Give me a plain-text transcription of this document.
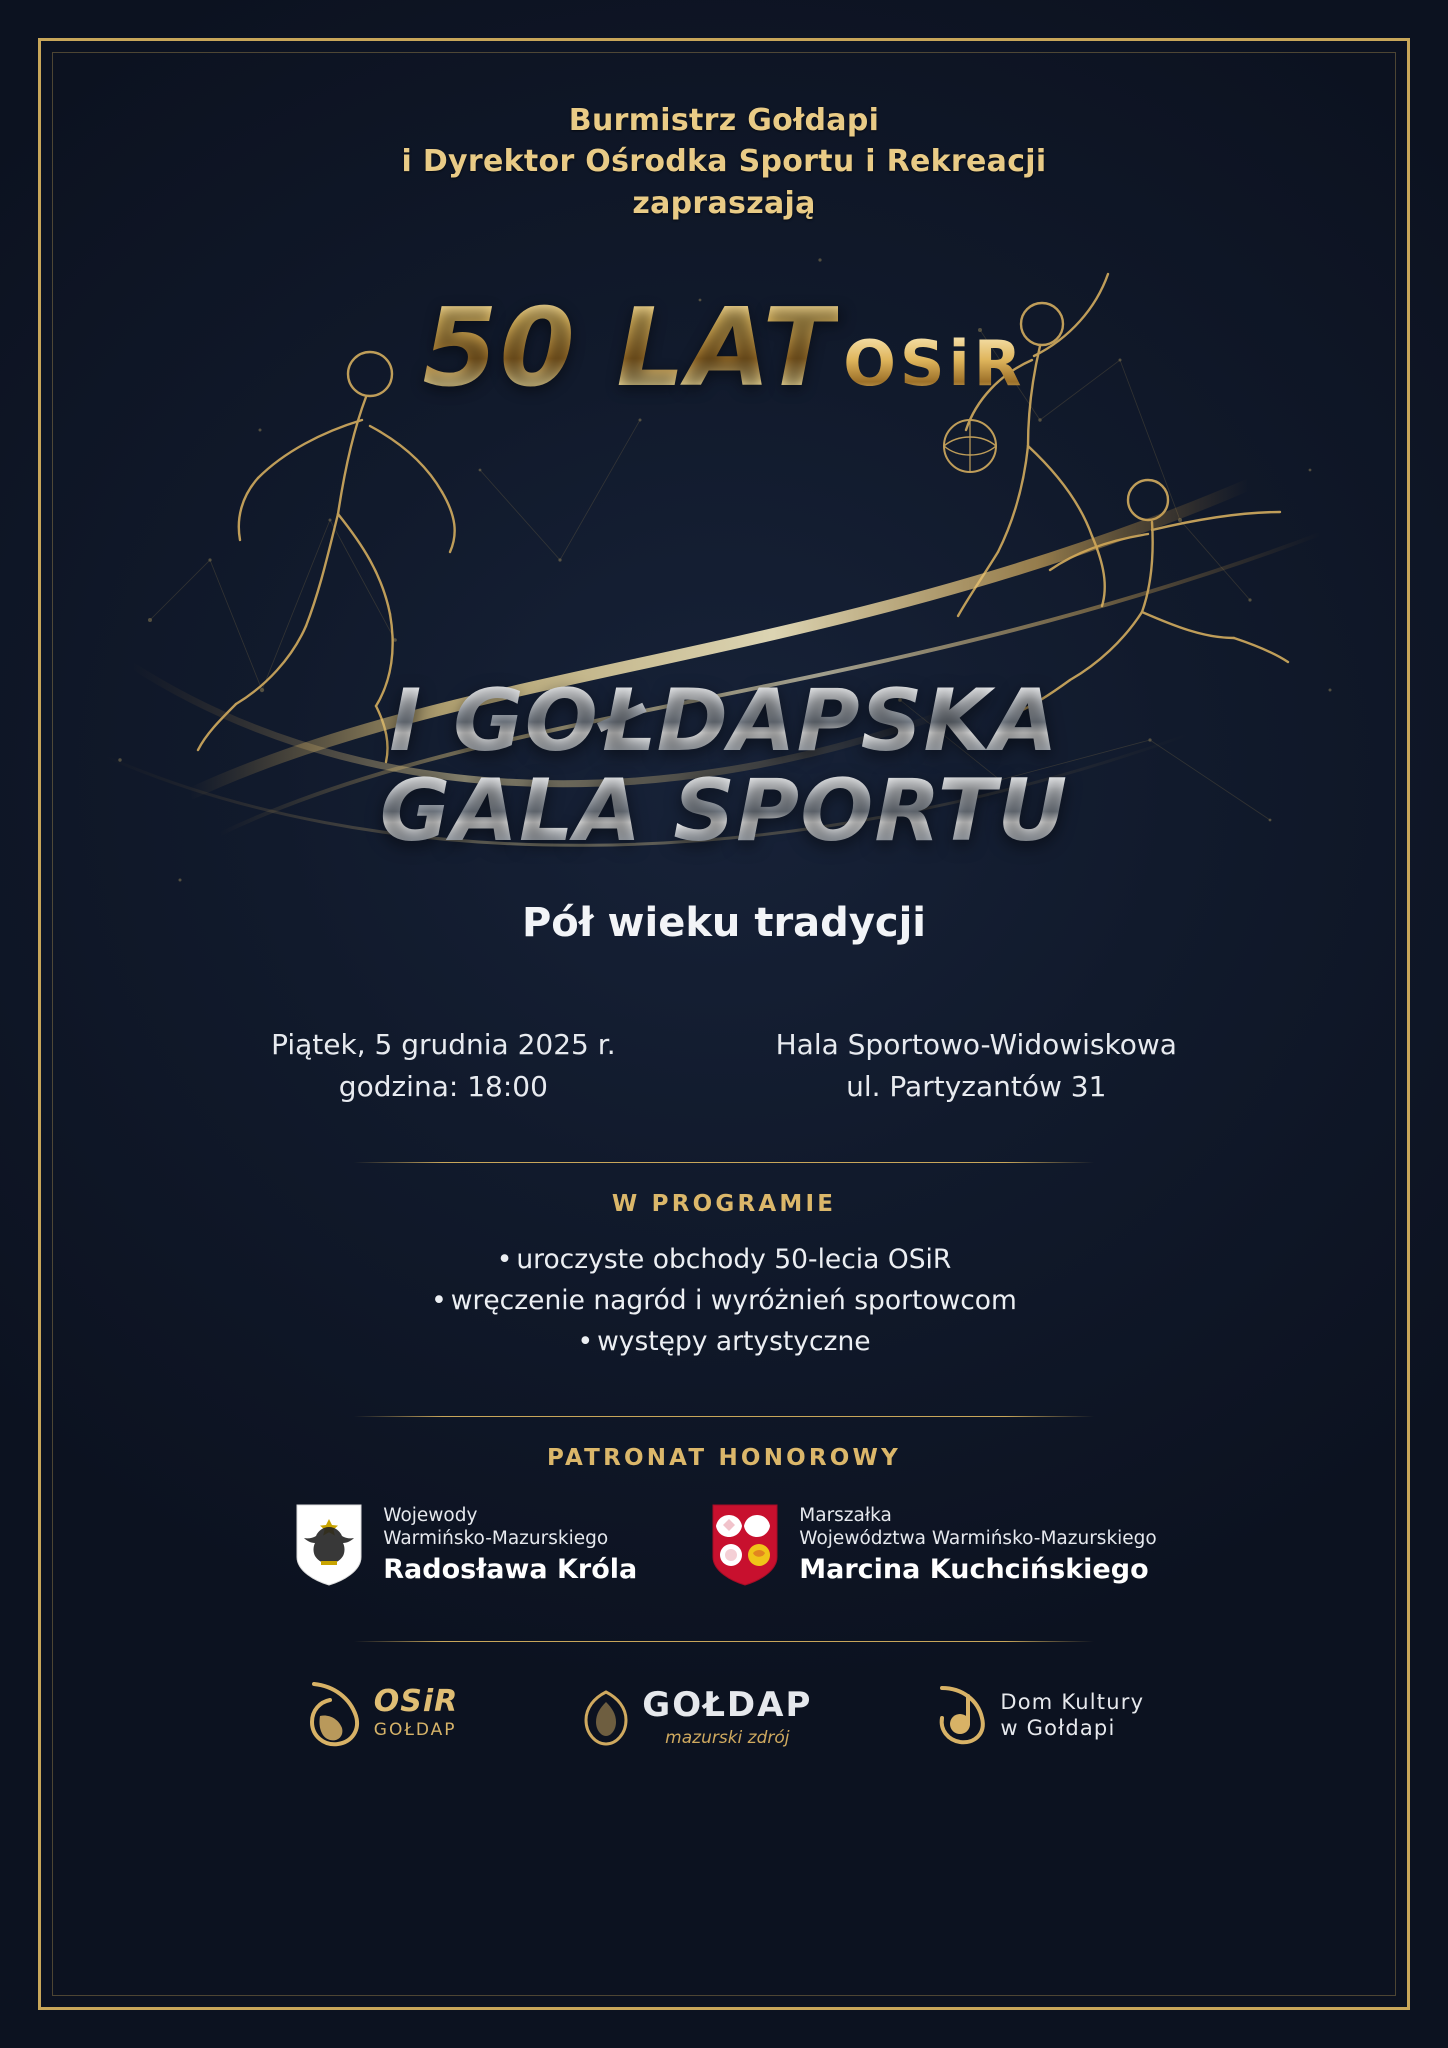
Burmistrz Gołdapi
i Dyrektor Ośrodka Sportu i Rekreacji
zapraszają
50 LAT OSiR
I GOŁDAPSKA
GALA SPORTU
Pół wieku tradycji
Piątek, 5 grudnia 2025 r.
godzina: 18:00
Hala Sportowo-Widowiskowa
ul. Partyzantów 31
W PROGRAMIE
• uroczyste obchody 50-lecia OSiR
• wręczenie nagród i wyróżnień sportowcom
• występy artystyczne
PATRONAT HONOROWY
Wojewody
Warmińsko-Mazurskiego
Radosława Króla
Marszałka
Województwa Warmińsko-Mazurskiego
Marcina Kuchcińskiego
OSiR
GOŁDAP
GOŁDAP
mazurski zdrój
Dom Kultury
w Gołdapi
